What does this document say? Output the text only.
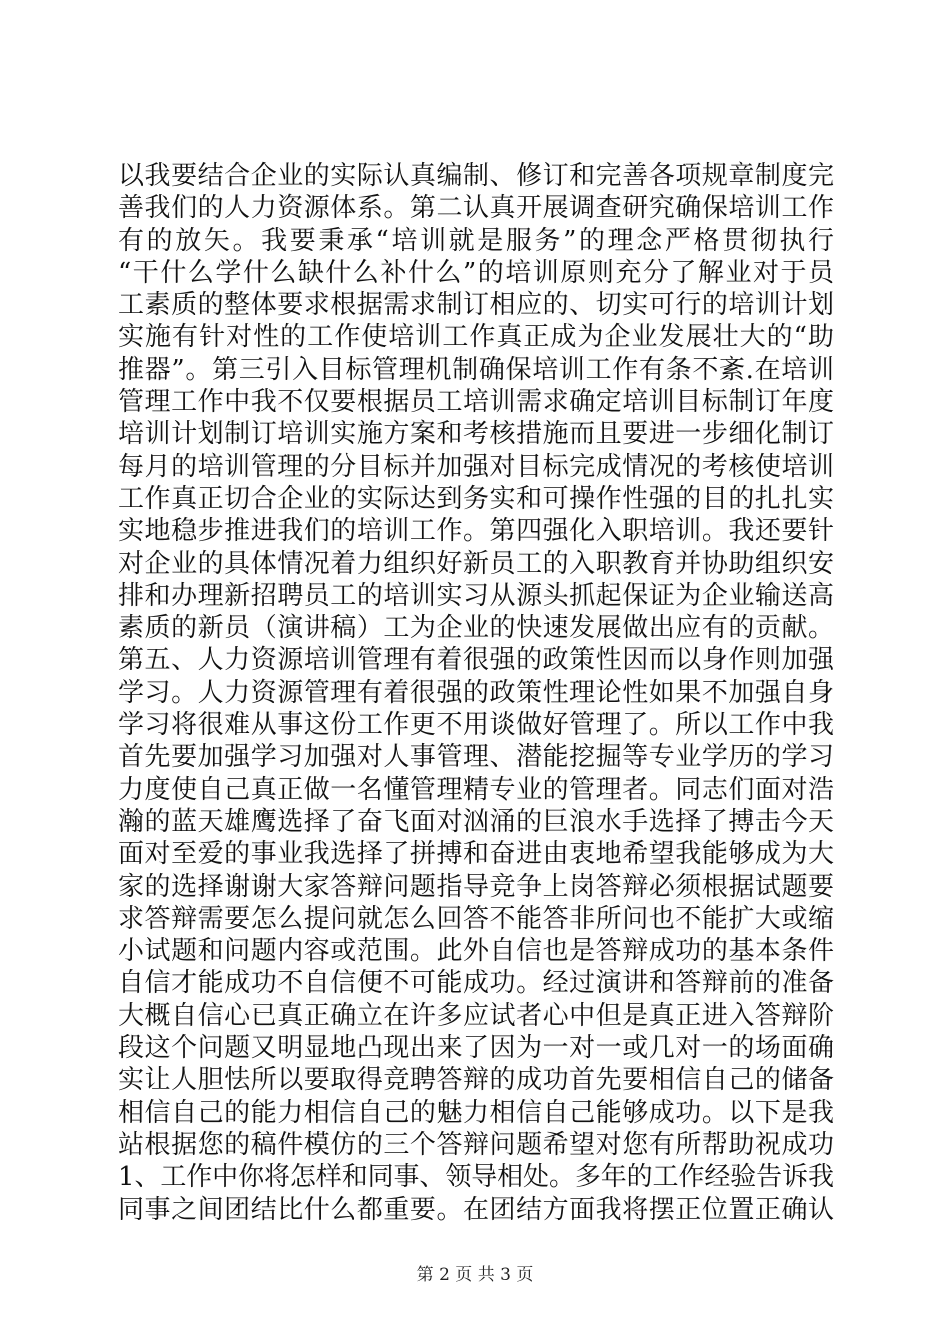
以我要结合企业的实际认真编制、修订和完善各项规章制度完
善我们的人力资源体系。第二认真开展调查研究确保培训工作
有的放矢。我要秉承“培训就是服务”的理念严格贯彻执行
“干什么学什么缺什么补什么”的培训原则充分了解业对于员
工素质的整体要求根据需求制订相应的、切实可行的培训计划
实施有针对性的工作使培训工作真正成为企业发展壮大的“助
推器”。第三引入目标管理机制确保培训工作有条不紊.在培训
管理工作中我不仅要根据员工培训需求确定培训目标制订年度
培训计划制订培训实施方案和考核措施而且要进一步细化制订
每月的培训管理的分目标并加强对目标完成情况的考核使培训
工作真正切合企业的实际达到务实和可操作性强的目的扎扎实
实地稳步推进我们的培训工作。第四强化入职培训。我还要针
对企业的具体情况着力组织好新员工的入职教育并协助组织安
排和办理新招聘员工的培训实习从源头抓起保证为企业输送高
素质的新员（演讲稿）工为企业的快速发展做出应有的贡献。
第五、人力资源培训管理有着很强的政策性因而以身作则加强
学习。人力资源管理有着很强的政策性理论性如果不加强自身
学习将很难从事这份工作更不用谈做好管理了。所以工作中我
首先要加强学习加强对人事管理、潜能挖掘等专业学历的学习
力度使自己真正做一名懂管理精专业的管理者。同志们面对浩
瀚的蓝天雄鹰选择了奋飞面对汹涌的巨浪水手选择了搏击今天
面对至爱的事业我选择了拼搏和奋进由衷地希望我能够成为大
家的选择谢谢大家答辩问题指导竞争上岗答辩必须根据试题要
求答辩需要怎么提问就怎么回答不能答非所问也不能扩大或缩
小试题和问题内容或范围。此外自信也是答辩成功的基本条件
自信才能成功不自信便不可能成功。经过演讲和答辩前的准备
大概自信心已真正确立在许多应试者心中但是真正进入答辩阶
段这个问题又明显地凸现出来了因为一对一或几对一的场面确
实让人胆怯所以要取得竞聘答辩的成功首先要相信自己的储备
相信自己的能力相信自己的魅力相信自己能够成功。以下是我
站根据您的稿件模仿的三个答辩问题希望对您有所帮助祝成功
1、工作中你将怎样和同事、领导相处。多年的工作经验告诉我
同事之间团结比什么都重要。在团结方面我将摆正位置正确认
第 2 页 共 3 页
